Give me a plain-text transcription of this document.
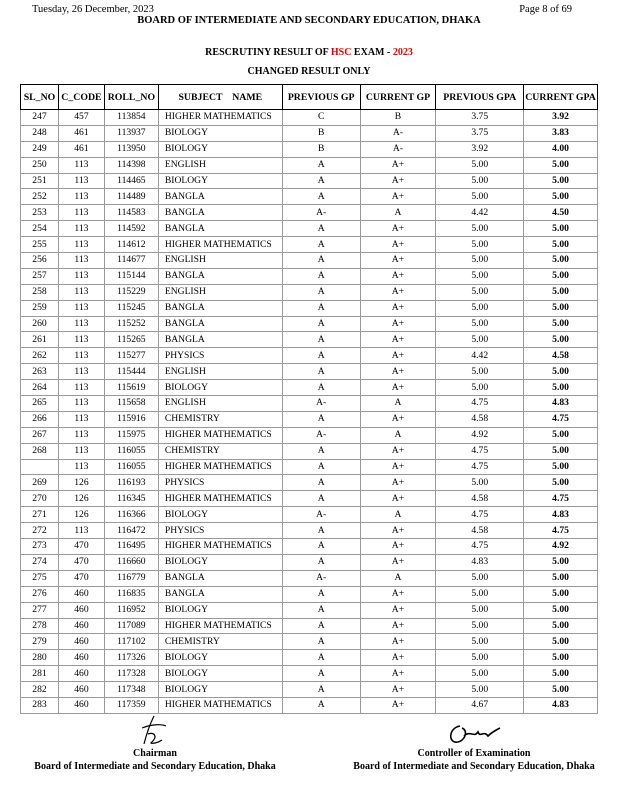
Tuesday, 26 December, 2023	Page 8 of 69
BOARD OF INTERMEDIATE AND SECONDARY EDUCATION, DHAKA
RESCRUTINY RESULT OF HSC EXAM - 2023
CHANGED RESULT ONLY
SL_NO	C_CODE	ROLL_NO	SUBJECT    NAME	PREVIOUS GP	CURRENT GP	PREVIOUS GPA	CURRENT GPA
247	457	113854	HIGHER MATHEMATICS	C	B	3.75	3.92
248	461	113937	BIOLOGY	B	A-	3.75	3.83
249	461	113950	BIOLOGY	B	A-	3.92	4.00
250	113	114398	ENGLISH	A	A+	5.00	5.00
251	113	114465	BIOLOGY	A	A+	5.00	5.00
252	113	114489	BANGLA	A	A+	5.00	5.00
253	113	114583	BANGLA	A-	A	4.42	4.50
254	113	114592	BANGLA	A	A+	5.00	5.00
255	113	114612	HIGHER MATHEMATICS	A	A+	5.00	5.00
256	113	114677	ENGLISH	A	A+	5.00	5.00
257	113	115144	BANGLA	A	A+	5.00	5.00
258	113	115229	ENGLISH	A	A+	5.00	5.00
259	113	115245	BANGLA	A	A+	5.00	5.00
260	113	115252	BANGLA	A	A+	5.00	5.00
261	113	115265	BANGLA	A	A+	5.00	5.00
262	113	115277	PHYSICS	A	A+	4.42	4.58
263	113	115444	ENGLISH	A	A+	5.00	5.00
264	113	115619	BIOLOGY	A	A+	5.00	5.00
265	113	115658	ENGLISH	A-	A	4.75	4.83
266	113	115916	CHEMISTRY	A	A+	4.58	4.75
267	113	115975	HIGHER MATHEMATICS	A-	A	4.92	5.00
268	113	116055	CHEMISTRY	A	A+	4.75	5.00
	113	116055	HIGHER MATHEMATICS	A	A+	4.75	5.00
269	126	116193	PHYSICS	A	A+	5.00	5.00
270	126	116345	HIGHER MATHEMATICS	A	A+	4.58	4.75
271	126	116366	BIOLOGY	A-	A	4.75	4.83
272	113	116472	PHYSICS	A	A+	4.58	4.75
273	470	116495	HIGHER MATHEMATICS	A	A+	4.75	4.92
274	470	116660	BIOLOGY	A	A+	4.83	5.00
275	470	116779	BANGLA	A-	A	5.00	5.00
276	460	116835	BANGLA	A	A+	5.00	5.00
277	460	116952	BIOLOGY	A	A+	5.00	5.00
278	460	117089	HIGHER MATHEMATICS	A	A+	5.00	5.00
279	460	117102	CHEMISTRY	A	A+	5.00	5.00
280	460	117326	BIOLOGY	A	A+	5.00	5.00
281	460	117328	BIOLOGY	A	A+	5.00	5.00
282	460	117348	BIOLOGY	A	A+	5.00	5.00
283	460	117359	HIGHER MATHEMATICS	A	A+	4.67	4.83
Chairman
Board of Intermediate and Secondary Education, Dhaka
Controller of Examination
Board of Intermediate and Secondary Education, Dhaka
